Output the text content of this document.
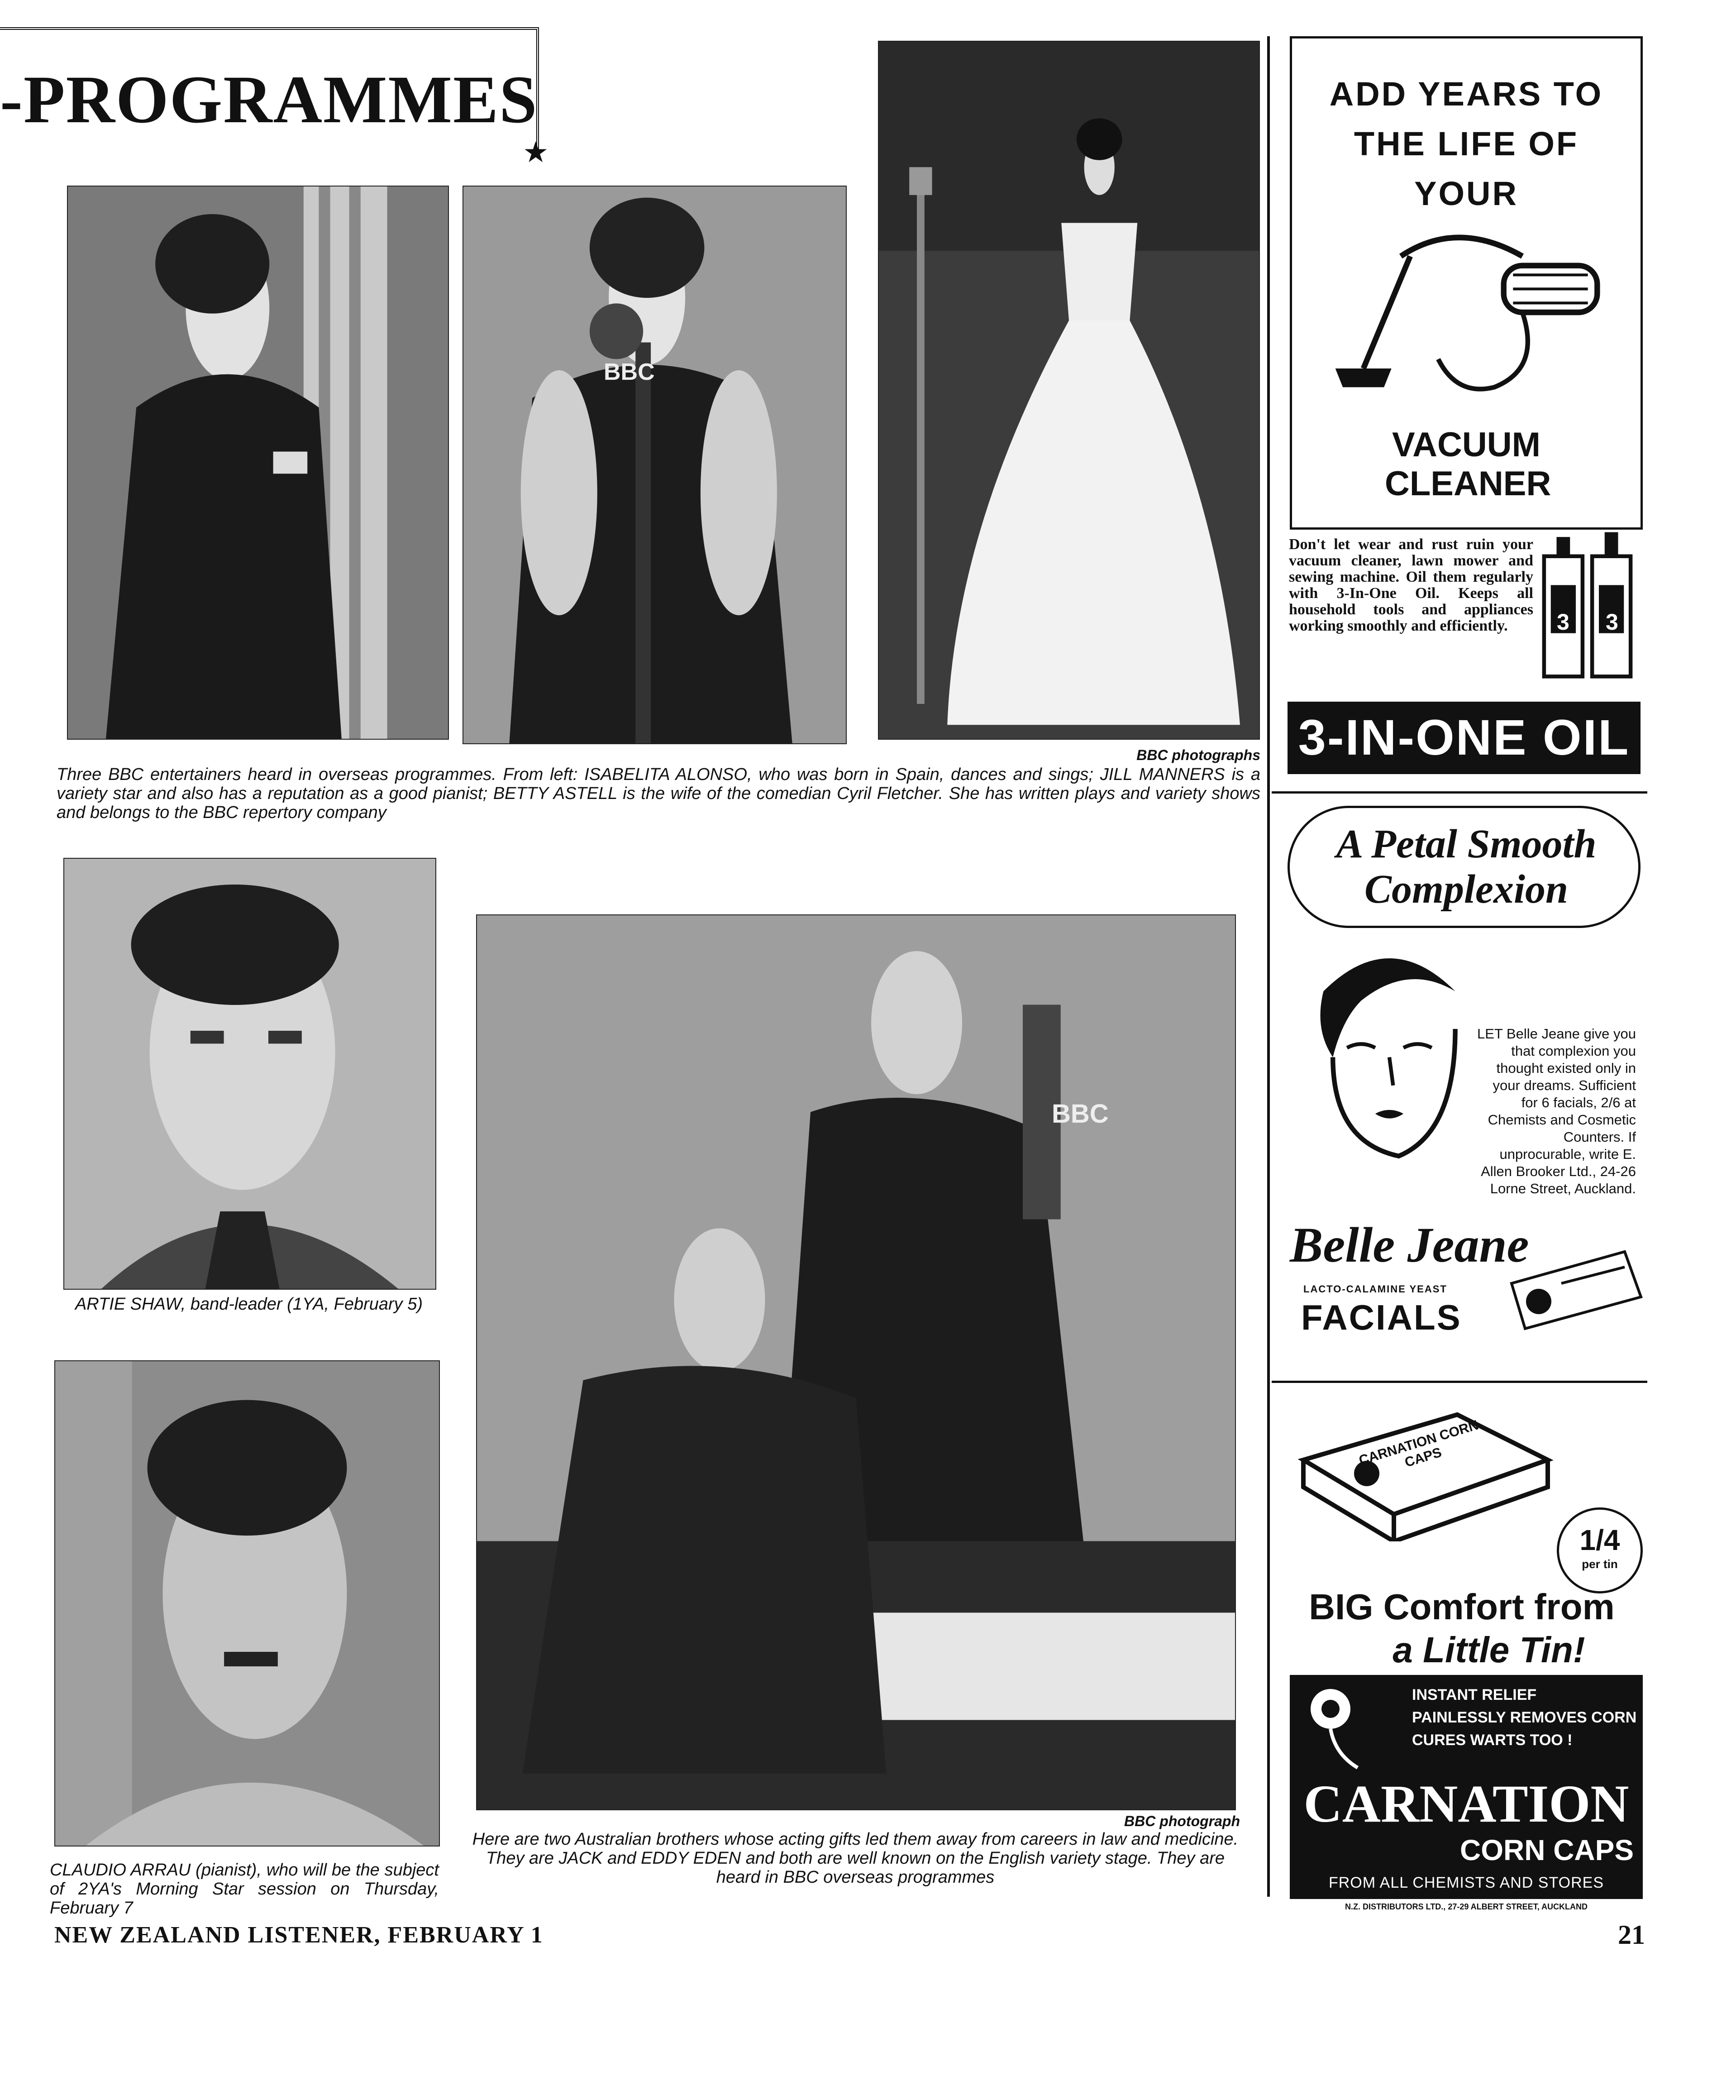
-PROGRAMMES
★
BBC
BBC photographs
Three BBC entertainers heard in overseas programmes. From left: ISABELITA ALONSO, who was born in Spain, dances and sings; JILL MANNERS is a variety star and also has a reputation as a good pianist; BETTY ASTELL is the wife of the comedian Cyril Fletcher. She has written plays and variety shows and belongs to the BBC repertory company
ARTIE SHAW, band-leader (1YA, February 5)
CLAUDIO ARRAU (pianist), who will be the subject of 2YA's Morning Star session on Thursday, February 7
BBC
BBC photograph
Here are two Australian brothers whose acting gifts led them away from careers in law and medicine. They are JACK and EDDY EDEN and both are well known on the English variety stage. They are heard in BBC overseas programmes
NEW ZEALAND LISTENER, FEBRUARY 1	21
ADD YEARS TO
THE LIFE OF
YOUR
VACUUM CLEANER
Don't let wear and rust ruin your vacuum cleaner, lawn mower and sewing machine. Oil them regularly with 3-In-One Oil. Keeps all household tools and appliances working smoothly and efficiently.	3 3
3-IN-ONE OIL
A Petal Smooth Complexion
LET Belle Jeane give you that complexion you thought existed only in your dreams. Sufficient for 6 facials, 2/6 at Chemists and Cosmetic Counters. If unprocurable, write E. Allen Brooker Ltd., 24-26 Lorne Street, Auckland.
Belle Jeane
LACTO-CALAMINE YEAST
FACIALS
CARNATION CORN CAPS
1/4
per tin
BIG Comfort from
a Little Tin!
INSTANT RELIEF
PAINLESSLY REMOVES CORN
CURES WARTS TOO !
CARNATION
CORN CAPS
FROM ALL CHEMISTS AND STORES
N.Z. DISTRIBUTORS LTD., 27-29 ALBERT STREET, AUCKLAND
